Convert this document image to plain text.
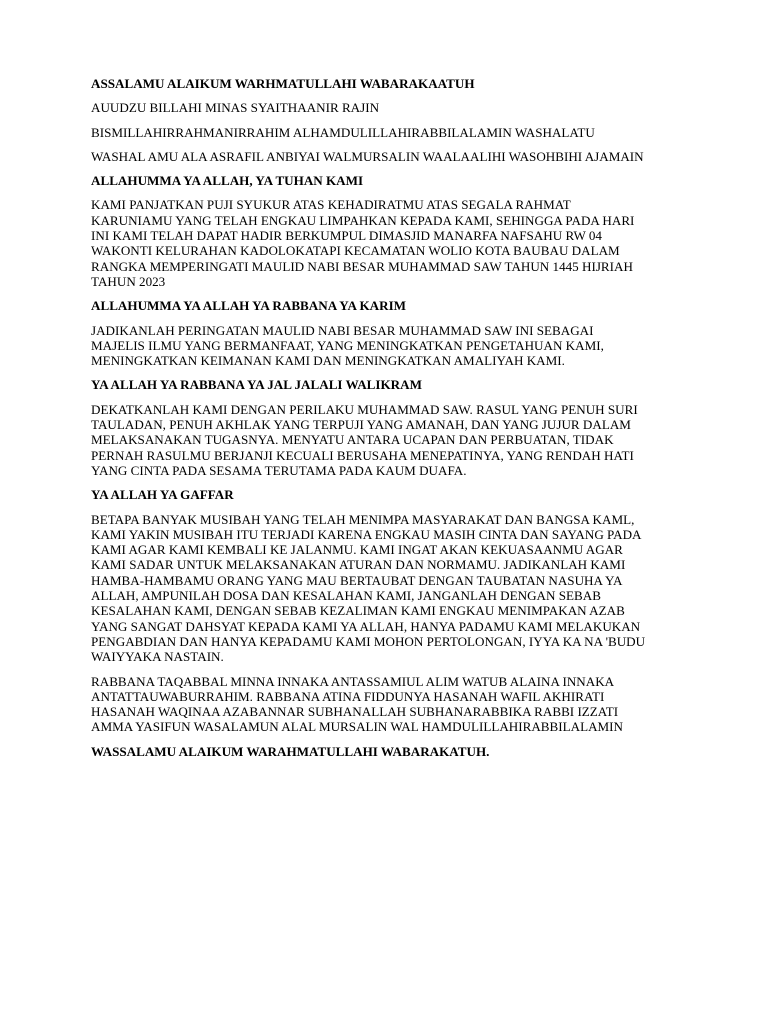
ASSALAMU ALAIKUM WARHMATULLAHI WABARAKAATUH

AUUDZU BILLAHI MINAS SYAITHAANIR RAJIN

BISMILLAHIRRAHMANIRRAHIM ALHAMDULILLAHIRABBILALAMIN WASHALATU

WASHAL AMU ALA ASRAFIL ANBIYAI WALMURSALIN WAALAALIHI WASOHBIHI AJAMAIN

ALLAHUMMA YA ALLAH, YA TUHAN KAMI

KAMI PANJATKAN PUJI SYUKUR ATAS KEHADIRATMU ATAS SEGALA RAHMAT
KARUNIAMU YANG TELAH ENGKAU LIMPAHKAN KEPADA KAMI, SEHINGGA PADA HARI
INI KAMI TELAH DAPAT HADIR BERKUMPUL DIMASJID MANARFA NAFSAHU RW 04
WAKONTI KELURAHAN KADOLOKATAPI KECAMATAN WOLIO KOTA BAUBAU DALAM
RANGKA MEMPERINGATI MAULID NABI BESAR MUHAMMAD SAW TAHUN 1445 HIJRIAH
TAHUN 2023

ALLAHUMMA YA ALLAH YA RABBANA YA KARIM

JADIKANLAH PERINGATAN MAULID NABI BESAR MUHAMMAD SAW INI SEBAGAI
MAJELIS ILMU YANG BERMANFAAT, YANG MENINGKATKAN PENGETAHUAN KAMI,
MENINGKATKAN KEIMANAN KAMI DAN MENINGKATKAN AMALIYAH KAMI.

YA ALLAH YA RABBANA YA JAL JALALI WALIKRAM

DEKATKANLAH KAMI DENGAN PERILAKU MUHAMMAD SAW. RASUL YANG PENUH SURI
TAULADAN, PENUH AKHLAK YANG TERPUJI YANG AMANAH, DAN YANG JUJUR DALAM
MELAKSANAKAN TUGASNYA. MENYATU ANTARA UCAPAN DAN PERBUATAN, TIDAK
PERNAH RASULMU BERJANJI KECUALI BERUSAHA MENEPATINYA, YANG RENDAH HATI
YANG CINTA PADA SESAMA TERUTAMA PADA KAUM DUAFA.

YA ALLAH YA GAFFAR

BETAPA BANYAK MUSIBAH YANG TELAH MENIMPA MASYARAKAT DAN BANGSA KAML,
KAMI YAKIN MUSIBAH ITU TERJADI KARENA ENGKAU MASIH CINTA DAN SAYANG PADA
KAMI AGAR KAMI KEMBALI KE JALANMU. KAMI INGAT AKAN KEKUASAANMU AGAR
KAMI SADAR UNTUK MELAKSANAKAN ATURAN DAN NORMAMU. JADIKANLAH KAMI
HAMBA-HAMBAMU ORANG YANG MAU BERTAUBAT DENGAN TAUBATAN NASUHA YA
ALLAH, AMPUNILAH DOSA DAN KESALAHAN KAMI, JANGANLAH DENGAN SEBAB
KESALAHAN KAMI, DENGAN SEBAB KEZALIMAN KAMI ENGKAU MENIMPAKAN AZAB
YANG SANGAT DAHSYAT KEPADA KAMI YA ALLAH, HANYA PADAMU KAMI MELAKUKAN
PENGABDIAN DAN HANYA KEPADAMU KAMI MOHON PERTOLONGAN, IYYA KA NA 'BUDU
WAIYYAKA NASTAIN.

RABBANA TAQABBAL MINNA INNAKA ANTASSAMIUL ALIM WATUB ALAINA INNAKA
ANTATTAUWABURRAHIM. RABBANA ATINA FIDDUNYA HASANAH WAFIL AKHIRATI
HASANAH WAQINAA AZABANNAR SUBHANALLAH SUBHANARABBIKA RABBI IZZATI
AMMA YASIFUN WASALAMUN ALAL MURSALIN WAL HAMDULILLAHIRABBILALAMIN

WASSALAMU ALAIKUM WARAHMATULLAHI WABARAKATUH.
